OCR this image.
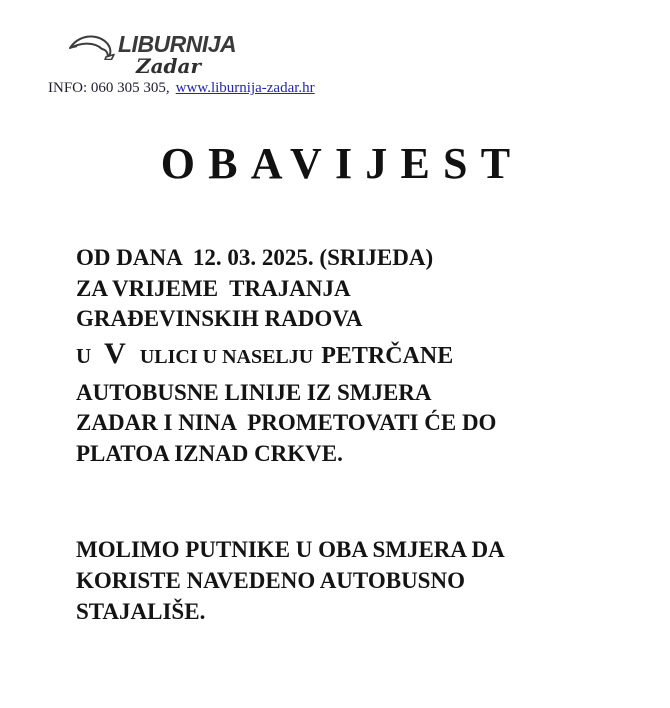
LIBURNIJA
Zadar
INFO: 060 305 305, www.liburnija-zadar.hr
OBAVIJEST
OD DANA  12. 03. 2025. (SRIJEDA)
ZA VRIJEME  TRAJANJA
GRAĐEVINSKIH RADOVA
U V ULICI U NASELJU PETRČANE
AUTOBUSNE LINIJE IZ SMJERA
ZADAR I NINA  PROMETOVATI ĆE DO
PLATOA IZNAD CRKVE.
MOLIMO PUTNIKE U OBA SMJERA DA
KORISTE NAVEDENO AUTOBUSNO
STAJALIŠE.
